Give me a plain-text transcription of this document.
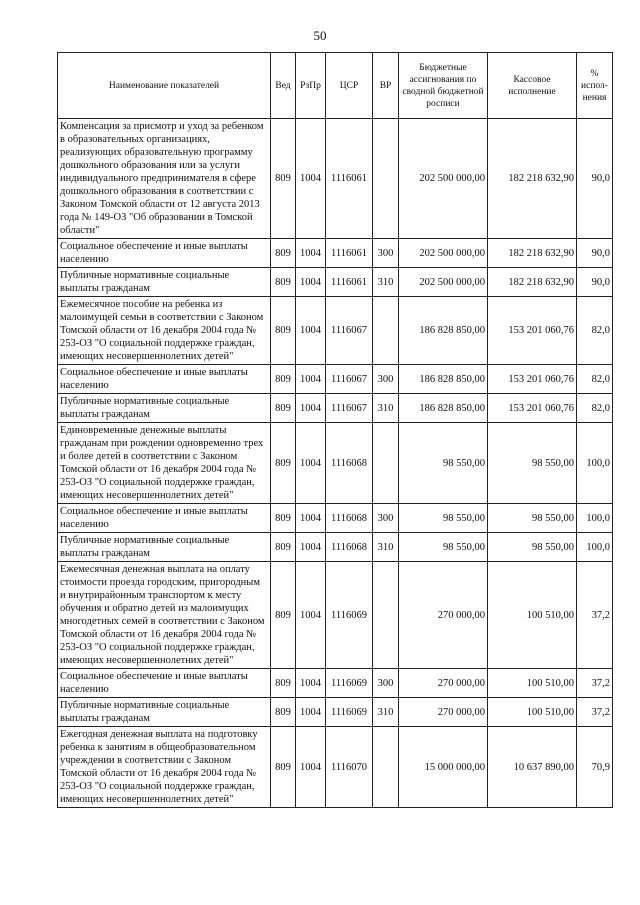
50
Наименование показателей	Вед	РзПр	ЦСР	ВР	Бюджетные ассигнования по сводной бюджетной росписи	Кассовое исполнение	% испол-нения
Компенсация за присмотр и уход за ребенком в образовательных организациях, реализующих образовательную программу дошкольного образования или за услуги индивидуального предпринимателя в сфере дошкольного образования в соответствии с Законом Томской области от 12 августа 2013 года № 149-ОЗ "Об образовании в Томской области"	809	1004	1116061		202 500 000,00	182 218 632,90	90,0
Социальное обеспечение и иные выплаты населению	809	1004	1116061	300	202 500 000,00	182 218 632,90	90,0
Публичные нормативные социальные выплаты гражданам	809	1004	1116061	310	202 500 000,00	182 218 632,90	90,0
Ежемесячное пособие на ребенка из малоимущей семьи в соответствии с Законом Томской области от 16 декабря 2004 года № 253-ОЗ "О социальной поддержке граждан, имеющих несовершеннолетних детей"	809	1004	1116067		186 828 850,00	153 201 060,76	82,0
Социальное обеспечение и иные выплаты населению	809	1004	1116067	300	186 828 850,00	153 201 060,76	82,0
Публичные нормативные социальные выплаты гражданам	809	1004	1116067	310	186 828 850,00	153 201 060,76	82,0
Единовременные денежные выплаты гражданам при рождении одновременно трех и более детей в соответствии с Законом Томской области от 16 декабря 2004 года № 253-ОЗ "О социальной поддержке граждан, имеющих несовершеннолетних детей"	809	1004	1116068		98 550,00	98 550,00	100,0
Социальное обеспечение и иные выплаты населению	809	1004	1116068	300	98 550,00	98 550,00	100,0
Публичные нормативные социальные выплаты гражданам	809	1004	1116068	310	98 550,00	98 550,00	100,0
Ежемесячная денежная выплата на оплату стоимости проезда городским, пригородным и внутрирайонным транспортом к месту обучения и обратно детей из малоимущих многодетных семей в соответствии с Законом Томской области от 16 декабря 2004 года № 253-ОЗ "О социальной поддержке граждан, имеющих несовершеннолетних детей"	809	1004	1116069		270 000,00	100 510,00	37,2
Социальное обеспечение и иные выплаты населению	809	1004	1116069	300	270 000,00	100 510,00	37,2
Публичные нормативные социальные выплаты гражданам	809	1004	1116069	310	270 000,00	100 510,00	37,2
Ежегодная денежная выплата на подготовку ребенка к занятиям в общеобразовательном учреждении в соответствии с Законом Томской области от 16 декабря 2004 года № 253-ОЗ "О социальной поддержке граждан, имеющих несовершеннолетних детей"	809	1004	1116070		15 000 000,00	10 637 890,00	70,9
